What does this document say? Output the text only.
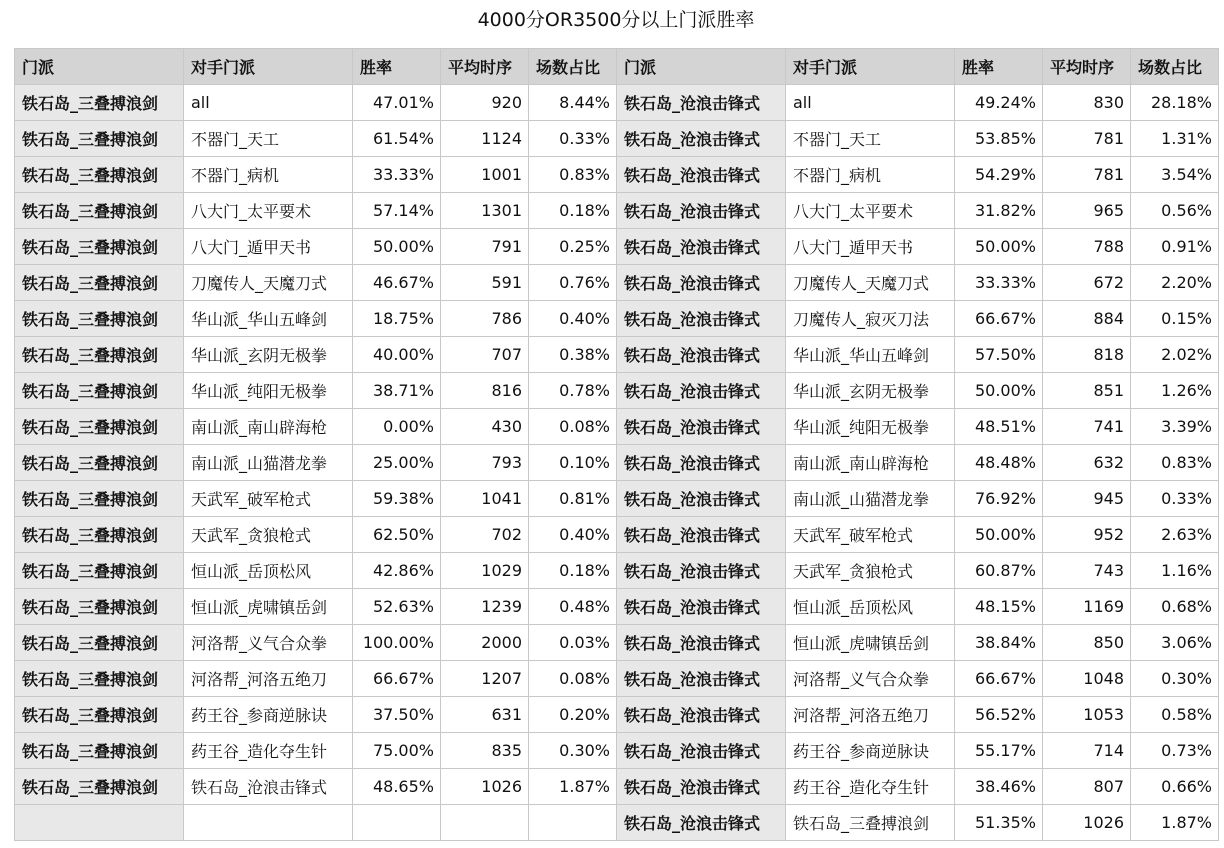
4000分OR3500分以上门派胜率
门派	对手门派	胜率	平均时序	场数占比	门派	对手门派	胜率	平均时序	场数占比
铁石岛_三叠搏浪剑	all	47.01%	920	8.44%	铁石岛_沧浪击锋式	all	49.24%	830	28.18%
铁石岛_三叠搏浪剑	不器门_天工	61.54%	1124	0.33%	铁石岛_沧浪击锋式	不器门_天工	53.85%	781	1.31%
铁石岛_三叠搏浪剑	不器门_病机	33.33%	1001	0.83%	铁石岛_沧浪击锋式	不器门_病机	54.29%	781	3.54%
铁石岛_三叠搏浪剑	八大门_太平要术	57.14%	1301	0.18%	铁石岛_沧浪击锋式	八大门_太平要术	31.82%	965	0.56%
铁石岛_三叠搏浪剑	八大门_遁甲天书	50.00%	791	0.25%	铁石岛_沧浪击锋式	八大门_遁甲天书	50.00%	788	0.91%
铁石岛_三叠搏浪剑	刀魔传人_天魔刀式	46.67%	591	0.76%	铁石岛_沧浪击锋式	刀魔传人_天魔刀式	33.33%	672	2.20%
铁石岛_三叠搏浪剑	华山派_华山五峰剑	18.75%	786	0.40%	铁石岛_沧浪击锋式	刀魔传人_寂灭刀法	66.67%	884	0.15%
铁石岛_三叠搏浪剑	华山派_玄阴无极拳	40.00%	707	0.38%	铁石岛_沧浪击锋式	华山派_华山五峰剑	57.50%	818	2.02%
铁石岛_三叠搏浪剑	华山派_纯阳无极拳	38.71%	816	0.78%	铁石岛_沧浪击锋式	华山派_玄阴无极拳	50.00%	851	1.26%
铁石岛_三叠搏浪剑	南山派_南山辟海枪	0.00%	430	0.08%	铁石岛_沧浪击锋式	华山派_纯阳无极拳	48.51%	741	3.39%
铁石岛_三叠搏浪剑	南山派_山猫潜龙拳	25.00%	793	0.10%	铁石岛_沧浪击锋式	南山派_南山辟海枪	48.48%	632	0.83%
铁石岛_三叠搏浪剑	天武军_破军枪式	59.38%	1041	0.81%	铁石岛_沧浪击锋式	南山派_山猫潜龙拳	76.92%	945	0.33%
铁石岛_三叠搏浪剑	天武军_贪狼枪式	62.50%	702	0.40%	铁石岛_沧浪击锋式	天武军_破军枪式	50.00%	952	2.63%
铁石岛_三叠搏浪剑	恒山派_岳顶松风	42.86%	1029	0.18%	铁石岛_沧浪击锋式	天武军_贪狼枪式	60.87%	743	1.16%
铁石岛_三叠搏浪剑	恒山派_虎啸镇岳剑	52.63%	1239	0.48%	铁石岛_沧浪击锋式	恒山派_岳顶松风	48.15%	1169	0.68%
铁石岛_三叠搏浪剑	河洛帮_义气合众拳	100.00%	2000	0.03%	铁石岛_沧浪击锋式	恒山派_虎啸镇岳剑	38.84%	850	3.06%
铁石岛_三叠搏浪剑	河洛帮_河洛五绝刀	66.67%	1207	0.08%	铁石岛_沧浪击锋式	河洛帮_义气合众拳	66.67%	1048	0.30%
铁石岛_三叠搏浪剑	药王谷_参商逆脉诀	37.50%	631	0.20%	铁石岛_沧浪击锋式	河洛帮_河洛五绝刀	56.52%	1053	0.58%
铁石岛_三叠搏浪剑	药王谷_造化夺生针	75.00%	835	0.30%	铁石岛_沧浪击锋式	药王谷_参商逆脉诀	55.17%	714	0.73%
铁石岛_三叠搏浪剑	铁石岛_沧浪击锋式	48.65%	1026	1.87%	铁石岛_沧浪击锋式	药王谷_造化夺生针	38.46%	807	0.66%
					铁石岛_沧浪击锋式	铁石岛_三叠搏浪剑	51.35%	1026	1.87%
